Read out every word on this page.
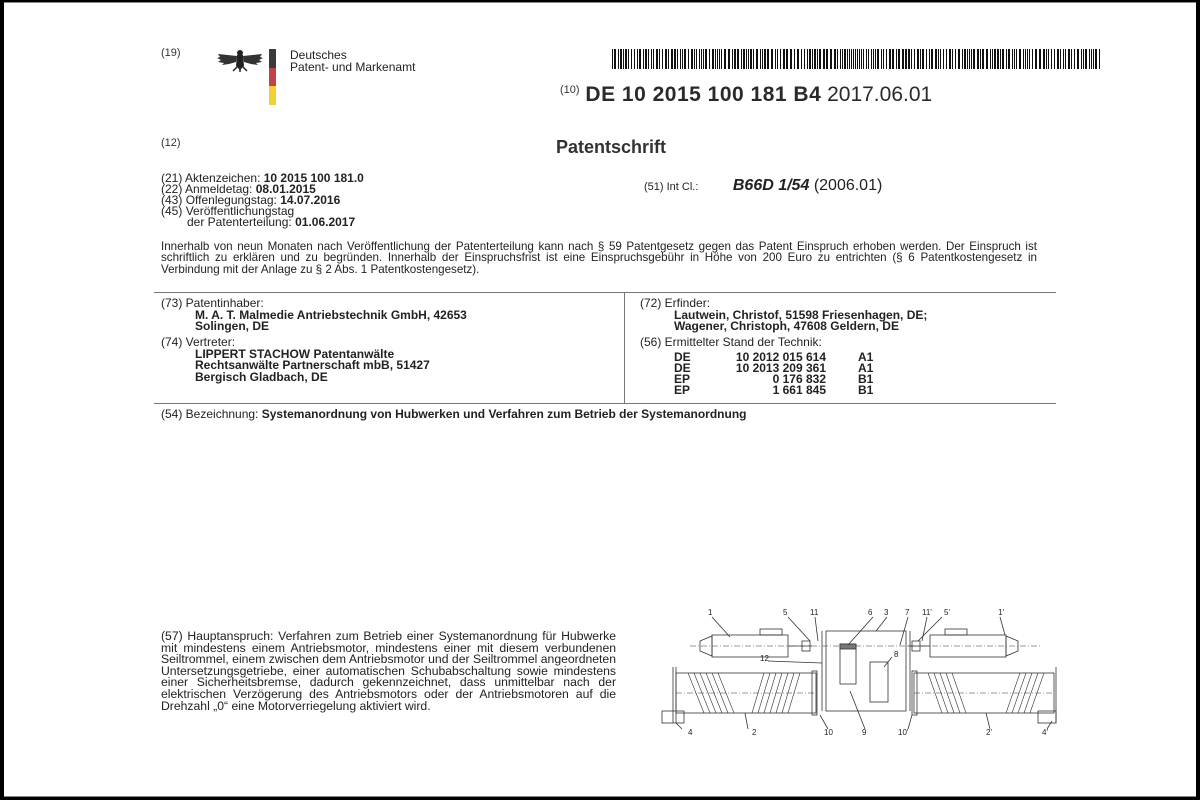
(19)	Deutsches
Patent- und Markenamt
$^{(10)}$ DE 10 2015 100 181 B4 2017.06.01
(12)	Patentschrift
(21) Aktenzeichen: 10 2015 100 181.0
(22) Anmeldetag: 08.01.2015
(43) Offenlegungstag: 14.07.2016
(45) Veröffentlichungstag
der Patenterteilung: 01.06.2017
(51) Int Cl.: B66D 1/54 (2006.01)
Innerhalb von neun Monaten nach Veröffentlichung der Patenterteilung kann nach § 59 Patentgesetz gegen das Patent Einspruch erhoben werden. Der Einspruch ist schriftlich zu erklären und zu begründen. Innerhalb der Einspruchsfrist ist eine Einspruchsgebühr in Höhe von 200 Euro zu entrichten (§ 6 Patentkostengesetz in Verbindung mit der Anlage zu § 2 Abs. 1 Patentkostengesetz).
(73) Patentinhaber:
M. A. T. Malmedie Antriebstechnik GmbH, 42653
Solingen, DE
(74) Vertreter:
LIPPERT STACHOW Patentanwälte
Rechtsanwälte Partnerschaft mbB, 51427
Bergisch Gladbach, DE
(72) Erfinder:
Lautwein, Christof, 51598 Friesenhagen, DE;
Wagener, Christoph, 47608 Geldern, DE
(56) Ermittelter Stand der Technik:
DE	10 2012 015 614	A1
DE	10 2013 209 361	A1
EP	0 176 832	B1
EP	1 661 845	B1
(54) Bezeichnung: Systemanordnung von Hubwerken und Verfahren zum Betrieb der Systemanordnung
(57) Hauptanspruch: Verfahren zum Betrieb einer Systemanordnung für Hubwerke mit mindestens einem Antriebsmotor, mindestens einer mit diesem verbundenen Seiltrommel, einem zwischen dem Antriebsmotor und der Seiltrommel angeordneten Untersetzungsgetriebe, einer automatischen Schubabschaltung sowie mindestens einer Sicherheitsbremse, dadurch gekennzeichnet, dass unmittelbar nach der elektrischen Verzögerung des Antriebsmotors oder der Antriebsmotoren auf die Drehzahl „0“ eine Motorverriegelung aktiviert wird.
1	5	11	6 3 7 11' 5'	1'
12	8
4	2	10	9	10'	2'	4'
